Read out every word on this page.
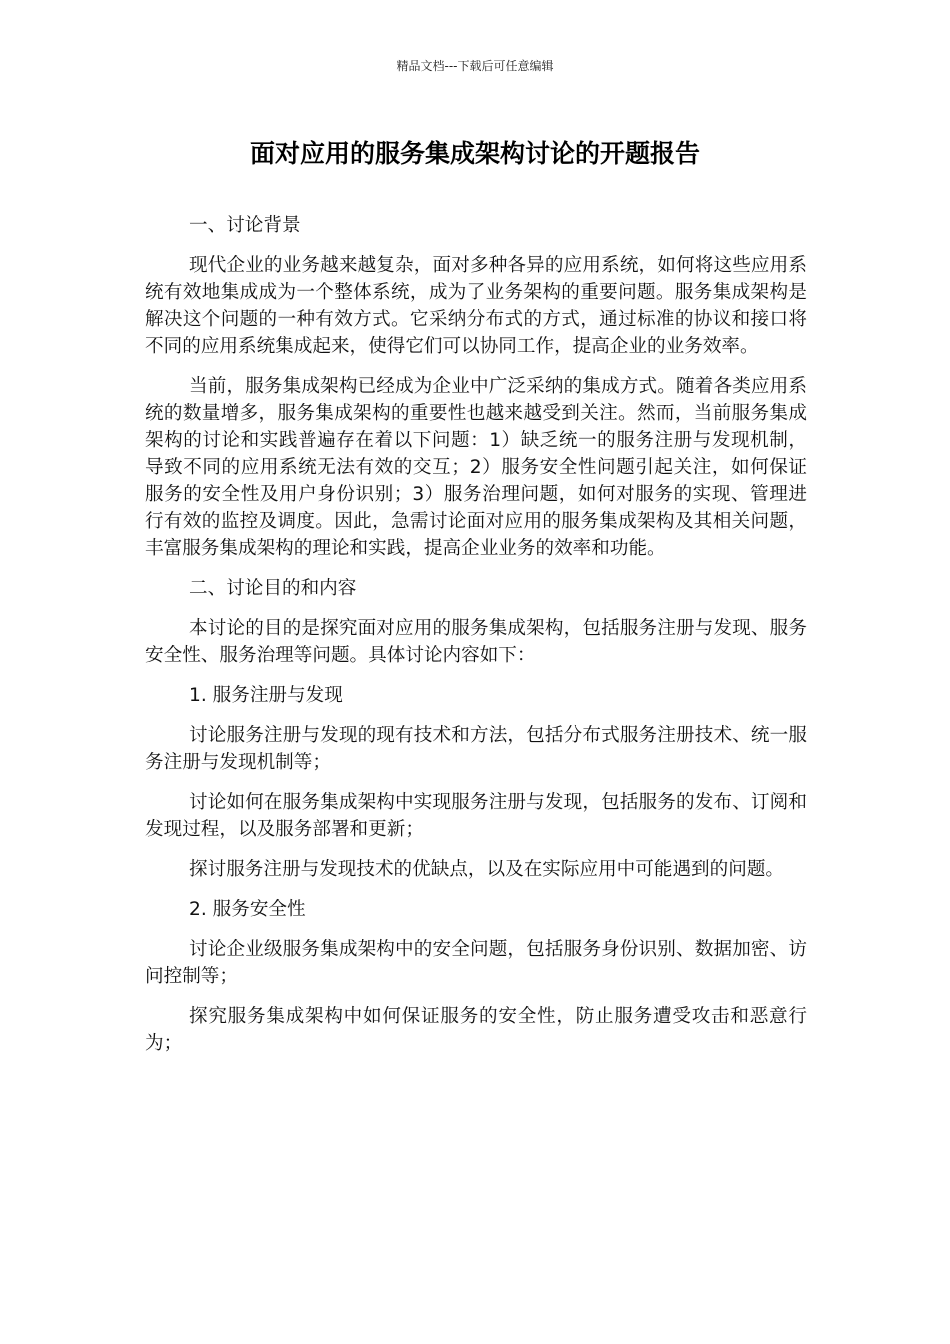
精品文档---下载后可任意编辑
面对应用的服务集成架构讨论的开题报告

一、讨论背景

现代企业的业务越来越复杂，面对多种各异的应用系统，如何将这些应用系统有效地集成成为一个整体系统，成为了业务架构的重要问题。服务集成架构是解决这个问题的一种有效方式。它采纳分布式的方式，通过标准的协议和接口将不同的应用系统集成起来，使得它们可以协同工作，提高企业的业务效率。

当前，服务集成架构已经成为企业中广泛采纳的集成方式。随着各类应用系统的数量增多，服务集成架构的重要性也越来越受到关注。然而，当前服务集成架构的讨论和实践普遍存在着以下问题：1）缺乏统一的服务注册与发现机制，导致不同的应用系统无法有效的交互；2）服务安全性问题引起关注，如何保证服务的安全性及用户身份识别；3）服务治理问题，如何对服务的实现、管理进行有效的监控及调度。因此，急需讨论面对应用的服务集成架构及其相关问题，丰富服务集成架构的理论和实践，提高企业业务的效率和功能。

二、讨论目的和内容

本讨论的目的是探究面对应用的服务集成架构，包括服务注册与发现、服务安全性、服务治理等问题。具体讨论内容如下：

1. 服务注册与发现

讨论服务注册与发现的现有技术和方法，包括分布式服务注册技术、统一服务注册与发现机制等；

讨论如何在服务集成架构中实现服务注册与发现，包括服务的发布、订阅和发现过程，以及服务部署和更新；

探讨服务注册与发现技术的优缺点，以及在实际应用中可能遇到的问题。

2. 服务安全性

讨论企业级服务集成架构中的安全问题，包括服务身份识别、数据加密、访问控制等；

探究服务集成架构中如何保证服务的安全性，防止服务遭受攻击和恶意行为；
